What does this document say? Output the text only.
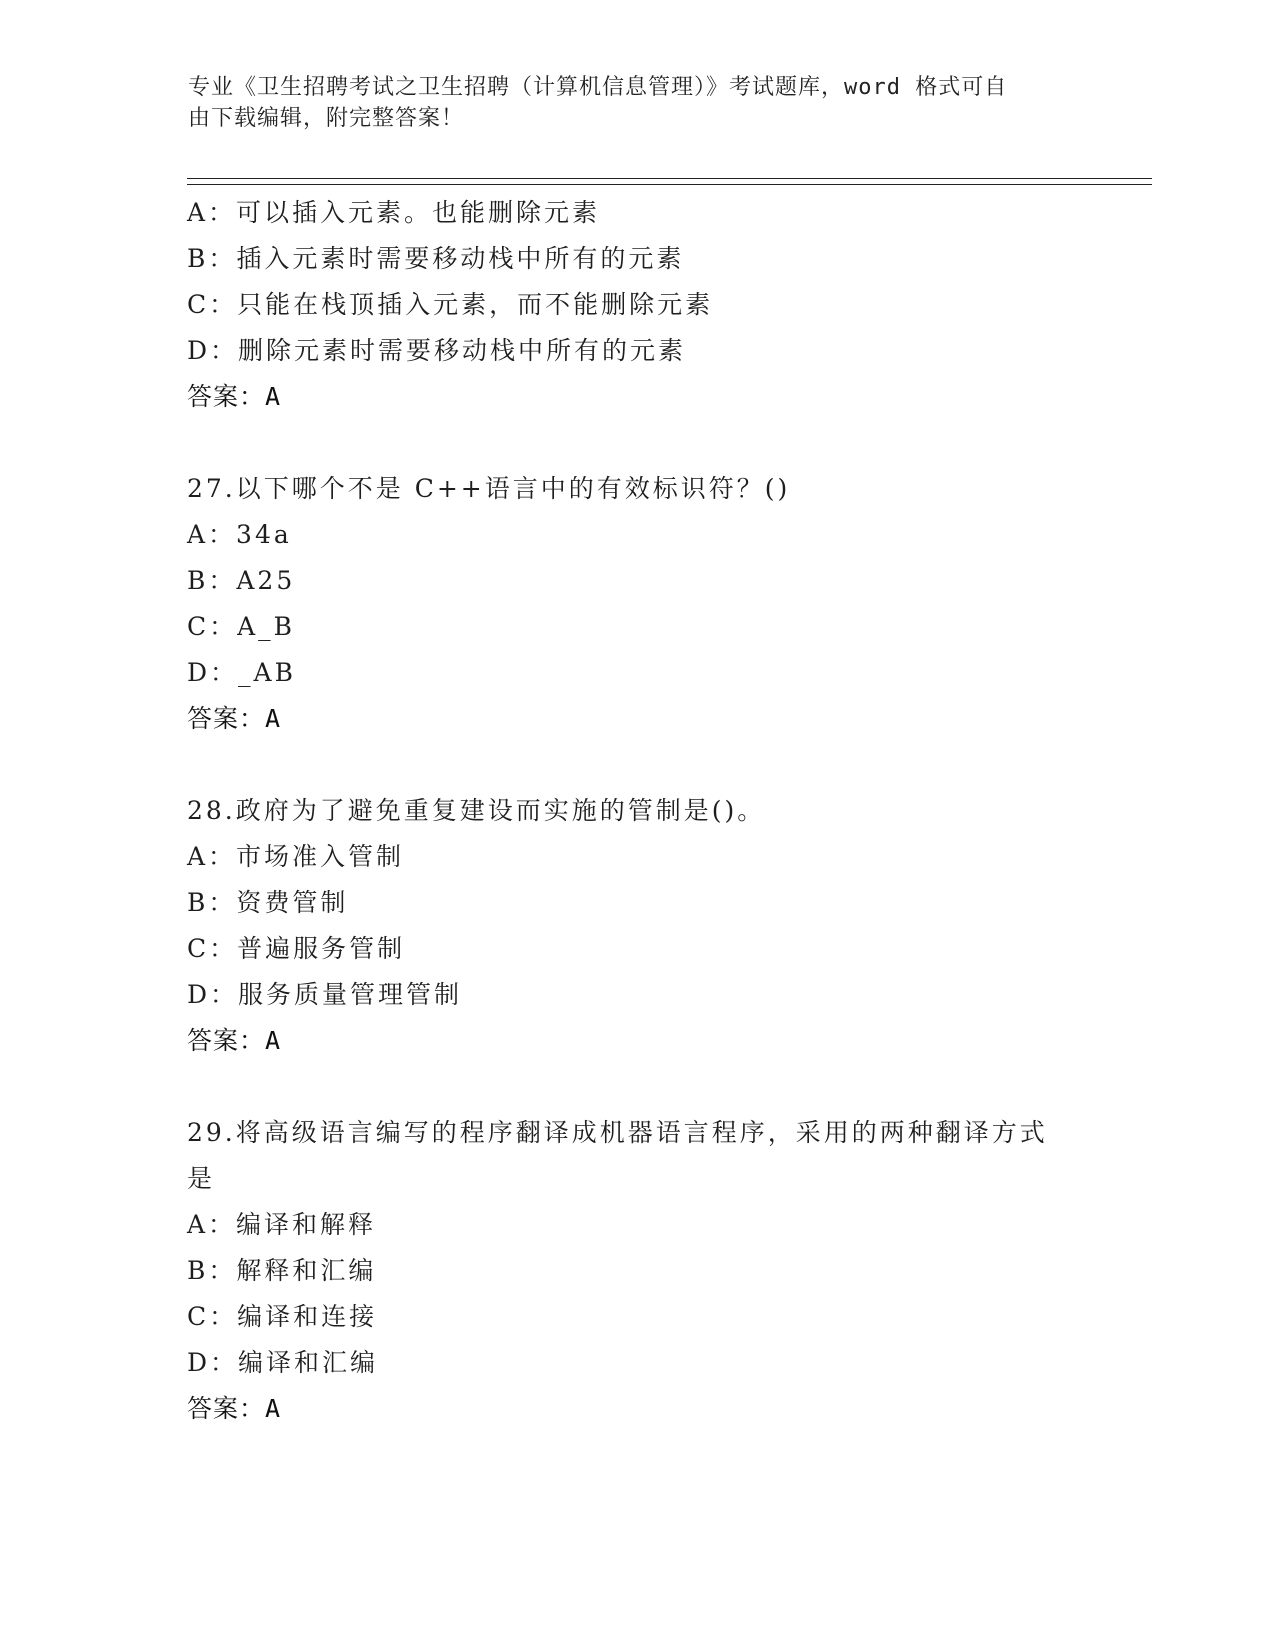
专业《卫生招聘考试之卫生招聘（计算机信息管理）》考试题库，word 格式可自
由下载编辑，附完整答案！
A：可以插入元素。也能删除元素
B：插入元素时需要移动栈中所有的元素
C：只能在栈顶插入元素，而不能删除元素
D：删除元素时需要移动栈中所有的元素
答案：A
27.以下哪个不是 C++语言中的有效标识符？()
A：34a
B：A25
C：A_B
D：_AB
答案：A
28.政府为了避免重复建设而实施的管制是()。
A：市场准入管制
B：资费管制
C：普遍服务管制
D：服务质量管理管制
答案：A
29.将高级语言编写的程序翻译成机器语言程序，采用的两种翻译方式
是
A：编译和解释
B：解释和汇编
C：编译和连接
D：编译和汇编
答案：A
